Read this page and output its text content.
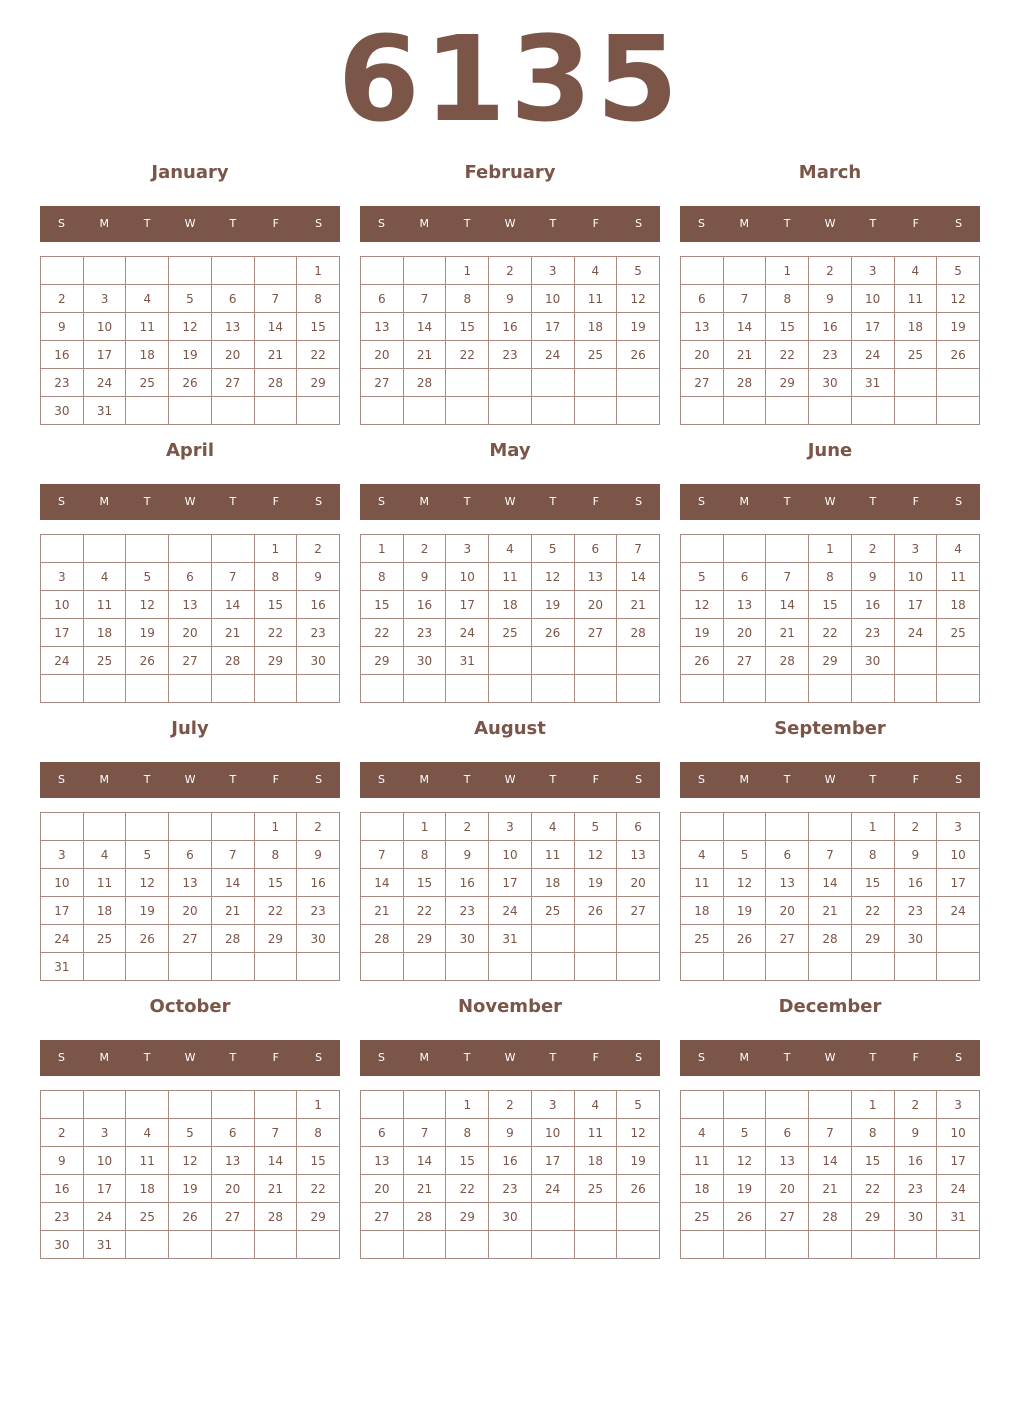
6135
January
S	M	T	W	T	F	S
						1
2	3	4	5	6	7	8
9	10	11	12	13	14	15
16	17	18	19	20	21	22
23	24	25	26	27	28	29
30	31					
February
S	M	T	W	T	F	S
		1	2	3	4	5
6	7	8	9	10	11	12
13	14	15	16	17	18	19
20	21	22	23	24	25	26
27	28					

March
S	M	T	W	T	F	S
		1	2	3	4	5
6	7	8	9	10	11	12
13	14	15	16	17	18	19
20	21	22	23	24	25	26
27	28	29	30	31		

April
S	M	T	W	T	F	S
					1	2
3	4	5	6	7	8	9
10	11	12	13	14	15	16
17	18	19	20	21	22	23
24	25	26	27	28	29	30

May
S	M	T	W	T	F	S
1	2	3	4	5	6	7
8	9	10	11	12	13	14
15	16	17	18	19	20	21
22	23	24	25	26	27	28
29	30	31				

June
S	M	T	W	T	F	S
			1	2	3	4
5	6	7	8	9	10	11
12	13	14	15	16	17	18
19	20	21	22	23	24	25
26	27	28	29	30		

July
S	M	T	W	T	F	S
					1	2
3	4	5	6	7	8	9
10	11	12	13	14	15	16
17	18	19	20	21	22	23
24	25	26	27	28	29	30
31						
August
S	M	T	W	T	F	S
	1	2	3	4	5	6
7	8	9	10	11	12	13
14	15	16	17	18	19	20
21	22	23	24	25	26	27
28	29	30	31			

September
S	M	T	W	T	F	S
				1	2	3
4	5	6	7	8	9	10
11	12	13	14	15	16	17
18	19	20	21	22	23	24
25	26	27	28	29	30	

October
S	M	T	W	T	F	S
						1
2	3	4	5	6	7	8
9	10	11	12	13	14	15
16	17	18	19	20	21	22
23	24	25	26	27	28	29
30	31					
November
S	M	T	W	T	F	S
		1	2	3	4	5
6	7	8	9	10	11	12
13	14	15	16	17	18	19
20	21	22	23	24	25	26
27	28	29	30			

December
S	M	T	W	T	F	S
				1	2	3
4	5	6	7	8	9	10
11	12	13	14	15	16	17
18	19	20	21	22	23	24
25	26	27	28	29	30	31
